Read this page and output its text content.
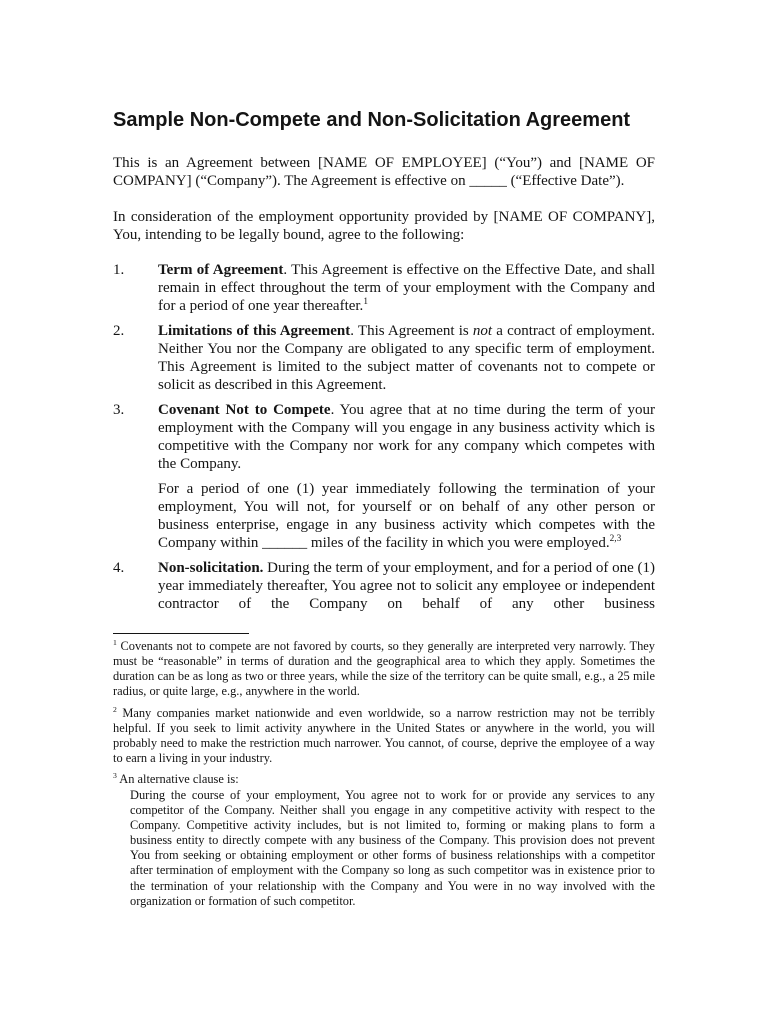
Sample Non-Compete and Non-Solicitation Agreement

This is an Agreement between [NAME OF EMPLOYEE] (“You”) and [NAME OF COMPANY] (“Company”). The Agreement is effective on _____ (“Effective Date”).

In consideration of the employment opportunity provided by [NAME OF COMPANY], You, intending to be legally bound, agree to the following:

1.	Term of Agreement. This Agreement is effective on the Effective Date, and shall remain in effect throughout the term of your employment with the Company and for a period of one year thereafter.$^1$

2.	Limitations of this Agreement. This Agreement is not a contract of employment. Neither You nor the Company are obligated to any specific term of employment. This Agreement is limited to the subject matter of covenants not to compete or solicit as described in this Agreement.

3.	Covenant Not to Compete. You agree that at no time during the term of your employment with the Company will you engage in any business activity which is competitive with the Company nor work for any company which competes with the Company.

For a period of one (1) year immediately following the termination of your employment, You will not, for yourself or on behalf of any other person or business enterprise, engage in any business activity which competes with the Company within ______ miles of the facility in which you were employed.$^{2,3}$

4.	Non-solicitation. During the term of your employment, and for a period of one (1) year immediately thereafter, You agree not to solicit any employee or independent contractor of the Company on behalf of any other business

$^1$ Covenants not to compete are not favored by courts, so they generally are interpreted very narrowly. They must be “reasonable” in terms of duration and the geographical area to which they apply. Sometimes the duration can be as long as two or three years, while the size of the territory can be quite small, e.g., a 25 mile radius, or quite large, e.g., anywhere in the world.

$^2$ Many companies market nationwide and even worldwide, so a narrow restriction may not be terribly helpful. If you seek to limit activity anywhere in the United States or anywhere in the world, you will probably need to make the restriction much narrower. You cannot, of course, deprive the employee of a way to earn a living in your industry.

$^3$ An alternative clause is:

During the course of your employment, You agree not to work for or provide any services to any competitor of the Company. Neither shall you engage in any competitive activity with respect to the Company. Competitive activity includes, but is not limited to, forming or making plans to form a business entity to directly compete with any business of the Company. This provision does not prevent You from seeking or obtaining employment or other forms of business relationships with a competitor after termination of employment with the Company so long as such competitor was in existence prior to the termination of your relationship with the Company and You were in no way involved with the organization or formation of such competitor.
